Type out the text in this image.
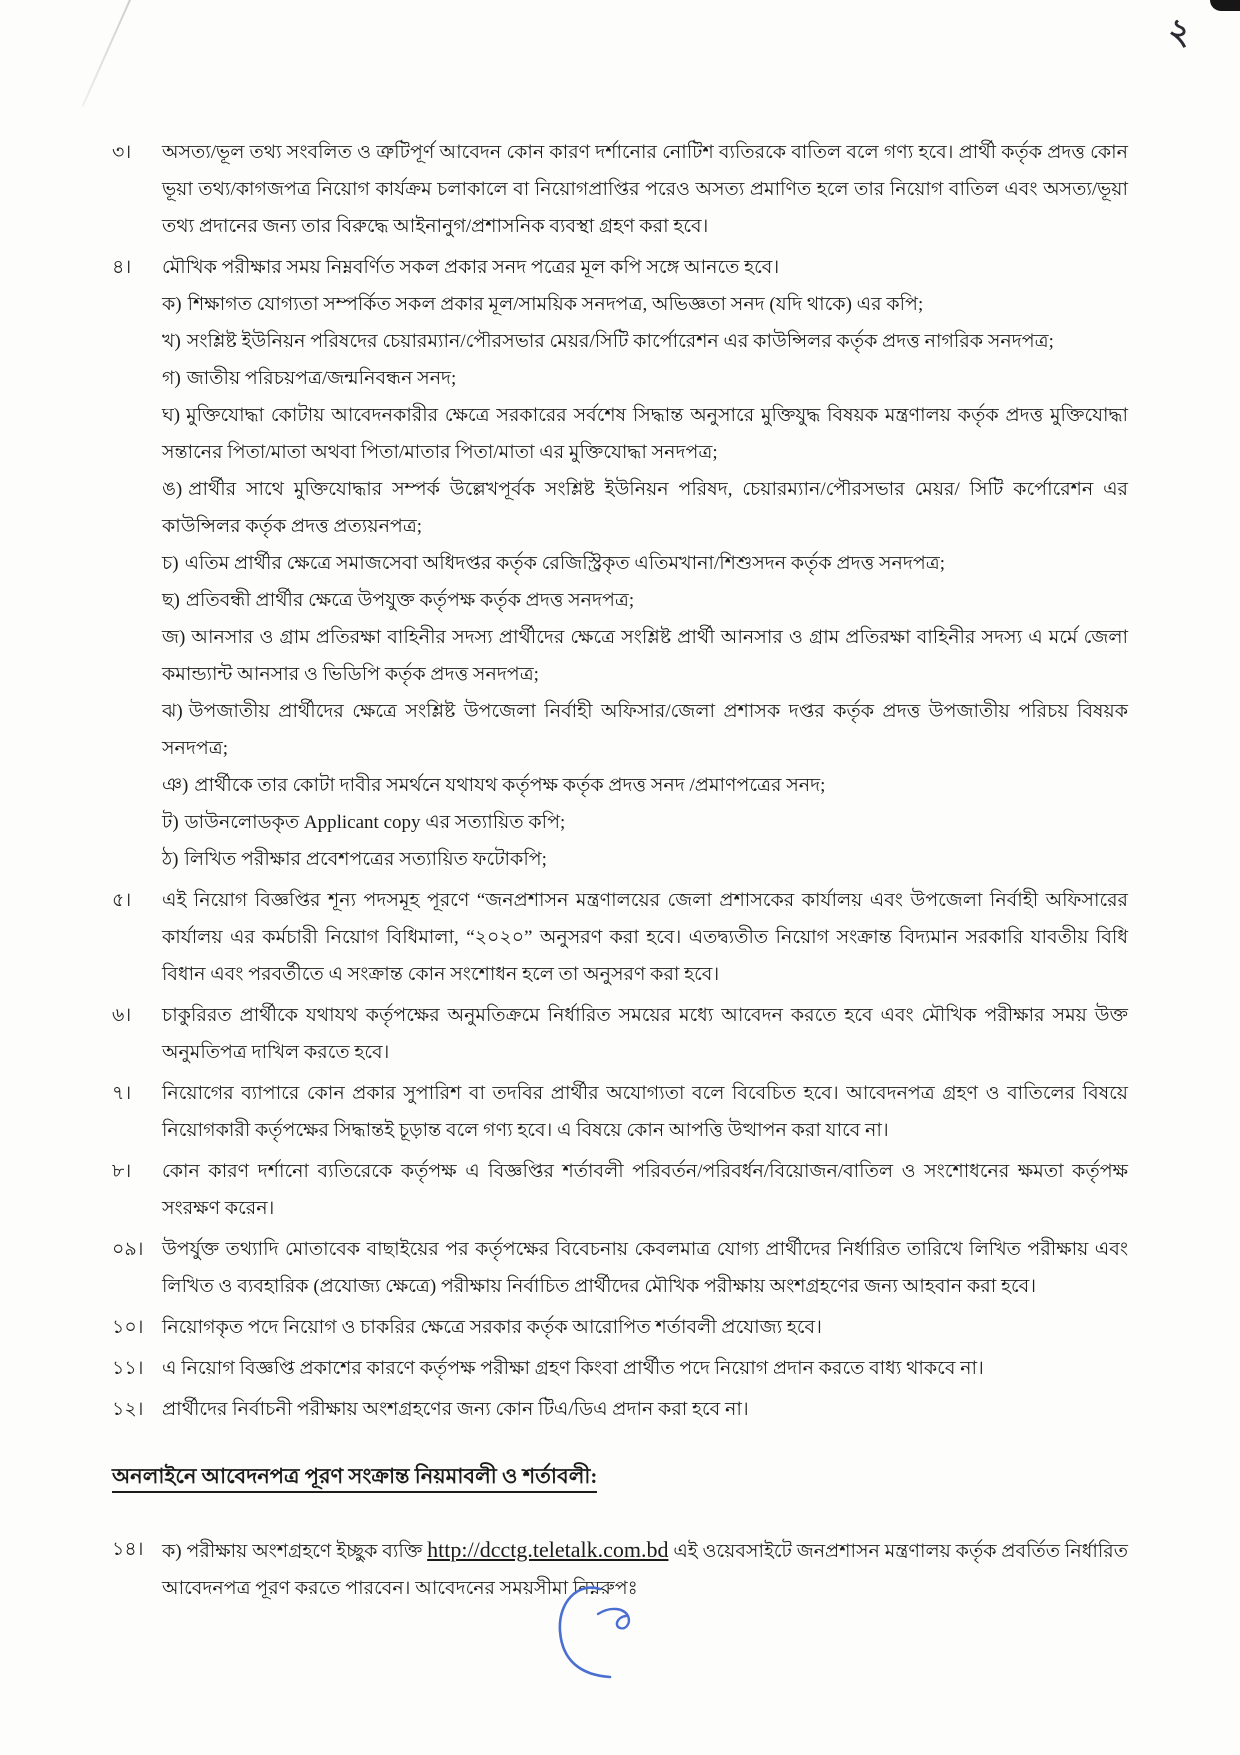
২
৩।	অসত্য/ভূল তথ্য সংবলিত ও ত্রুটিপূর্ণ আবেদন কোন কারণ দর্শানোর নোটিশ ব্যতিরকে বাতিল বলে গণ্য হবে। প্রার্থী কর্তৃক প্রদত্ত কোন ভূয়া তথ্য/কাগজপত্র নিয়োগ কার্যক্রম চলাকালে বা নিয়োগপ্রাপ্তির পরেও অসত্য প্রমাণিত হলে তার নিয়োগ বাতিল এবং অসত্য/ভূয়া তথ্য প্রদানের জন্য তার বিরুদ্ধে আইনানুগ/প্রশাসনিক ব্যবস্থা গ্রহণ করা হবে।
৪।	মৌখিক পরীক্ষার সময় নিম্নবর্ণিত সকল প্রকার সনদ পত্রের মূল কপি সঙ্গে আনতে হবে।
ক) শিক্ষাগত যোগ্যতা সম্পর্কিত সকল প্রকার মূল/সাময়িক সনদপত্র, অভিজ্ঞতা সনদ (যদি থাকে) এর কপি;
খ) সংশ্লিষ্ট ইউনিয়ন পরিষদের চেয়ারম্যান/পৌরসভার মেয়র/সিটি কার্পোরেশন এর কাউন্সিলর কর্তৃক প্রদত্ত নাগরিক সনদপত্র;
গ) জাতীয় পরিচয়পত্র/জন্মনিবন্ধন সনদ;
ঘ) মুক্তিযোদ্ধা কোটায় আবেদনকারীর ক্ষেত্রে সরকারের সর্বশেষ সিদ্ধান্ত অনুসারে মুক্তিযুদ্ধ বিষয়ক মন্ত্রণালয় কর্তৃক প্রদত্ত মুক্তিযোদ্ধা সন্তানের পিতা/মাতা অথবা পিতা/মাতার পিতা/মাতা এর মুক্তিযোদ্ধা সনদপত্র;
ঙ) প্রার্থীর সাথে মুক্তিযোদ্ধার সম্পর্ক উল্লেখপূর্বক সংশ্লিষ্ট ইউনিয়ন পরিষদ, চেয়ারম্যান/পৌরসভার মেয়র/ সিটি কর্পোরেশন এর কাউন্সিলর কর্তৃক প্রদত্ত প্রত্যয়নপত্র;
চ) এতিম প্রার্থীর ক্ষেত্রে সমাজসেবা অধিদপ্তর কর্তৃক রেজিস্ট্রিকৃত এতিমখানা/শিশুসদন কর্তৃক প্রদত্ত সনদপত্র;
ছ) প্রতিবন্ধী প্রার্থীর ক্ষেত্রে উপযুক্ত কর্তৃপক্ষ কর্তৃক প্রদত্ত সনদপত্র;
জ) আনসার ও গ্রাম প্রতিরক্ষা বাহিনীর সদস্য প্রার্থীদের ক্ষেত্রে সংশ্লিষ্ট প্রার্থী আনসার ও গ্রাম প্রতিরক্ষা বাহিনীর সদস্য এ মর্মে জেলা কমান্ড্যান্ট আনসার ও ভিডিপি কর্তৃক প্রদত্ত সনদপত্র;
ঝ) উপজাতীয় প্রার্থীদের ক্ষেত্রে সংশ্লিষ্ট উপজেলা নির্বাহী অফিসার/জেলা প্রশাসক দপ্তর কর্তৃক প্রদত্ত উপজাতীয় পরিচয় বিষয়ক সনদপত্র;
ঞ) প্রার্থীকে তার কোটা দাবীর সমর্থনে যথাযথ কর্তৃপক্ষ কর্তৃক প্রদত্ত সনদ /প্রমাণপত্রের সনদ;
ট) ডাউনলোডকৃত Applicant copy এর সত্যায়িত কপি;
ঠ) লিখিত পরীক্ষার প্রবেশপত্রের সত্যায়িত ফটোকপি;
৫।	এই নিয়োগ বিজ্ঞপ্তির শূন্য পদসমূহ পূরণে “জনপ্রশাসন মন্ত্রণালয়ের জেলা প্রশাসকের কার্যালয় এবং উপজেলা নির্বাহী অফিসারের কার্যালয় এর কর্মচারী নিয়োগ বিধিমালা, “২০২০” অনুসরণ করা হবে। এতদ্ব্যতীত নিয়োগ সংক্রান্ত বিদ্যমান সরকারি যাবতীয় বিধি বিধান এবং পরবর্তীতে এ সংক্রান্ত কোন সংশোধন হলে তা অনুসরণ করা হবে।
৬।	চাকুরিরত প্রার্থীকে যথাযথ কর্তৃপক্ষের অনুমতিক্রমে নির্ধারিত সময়ের মধ্যে আবেদন করতে হবে এবং মৌখিক পরীক্ষার সময় উক্ত অনুমতিপত্র দাখিল করতে হবে।
৭।	নিয়োগের ব্যাপারে কোন প্রকার সুপারিশ বা তদবির প্রার্থীর অযোগ্যতা বলে বিবেচিত হবে। আবেদনপত্র গ্রহণ ও বাতিলের বিষয়ে নিয়োগকারী কর্তৃপক্ষের সিদ্ধান্তই চূড়ান্ত বলে গণ্য হবে। এ বিষয়ে কোন আপত্তি উত্থাপন করা যাবে না।
৮।	কোন কারণ দর্শানো ব্যতিরেকে কর্তৃপক্ষ এ বিজ্ঞপ্তির শর্তাবলী পরিবর্তন/পরিবর্ধন/বিয়োজন/বাতিল ও সংশোধনের ক্ষমতা কর্তৃপক্ষ সংরক্ষণ করেন।
০৯। উপর্যুক্ত তথ্যাদি মোতাবেক বাছাইয়ের পর কর্তৃপক্ষের বিবেচনায় কেবলমাত্র যোগ্য প্রার্থীদের নির্ধারিত তারিখে লিখিত পরীক্ষায় এবং লিখিত ও ব্যবহারিক (প্রযোজ্য ক্ষেত্রে) পরীক্ষায় নির্বাচিত প্রার্থীদের মৌখিক পরীক্ষায় অংশগ্রহণের জন্য আহবান করা হবে।
১০। নিয়োগকৃত পদে নিয়োগ ও চাকরির ক্ষেত্রে সরকার কর্তৃক আরোপিত শর্তাবলী প্রযোজ্য হবে।
১১। এ নিয়োগ বিজ্ঞপ্তি প্রকাশের কারণে কর্তৃপক্ষ পরীক্ষা গ্রহণ কিংবা প্রার্থীত পদে নিয়োগ প্রদান করতে বাধ্য থাকবে না।
১২। প্রার্থীদের নির্বাচনী পরীক্ষায় অংশগ্রহণের জন্য কোন টিএ/ডিএ প্রদান করা হবে না।
অনলাইনে আবেদনপত্র পূরণ সংক্রান্ত নিয়মাবলী ও শর্তাবলী:
১৪। ক) পরীক্ষায় অংশগ্রহণে ইচ্ছুক ব্যক্তি http://dcctg.teletalk.com.bd এই ওয়েবসাইটে জনপ্রশাসন মন্ত্রণালয় কর্তৃক প্রবর্তিত নির্ধারিত আবেদনপত্র পূরণ করতে পারবেন। আবেদনের সময়সীমা নিম্নরুপঃ
